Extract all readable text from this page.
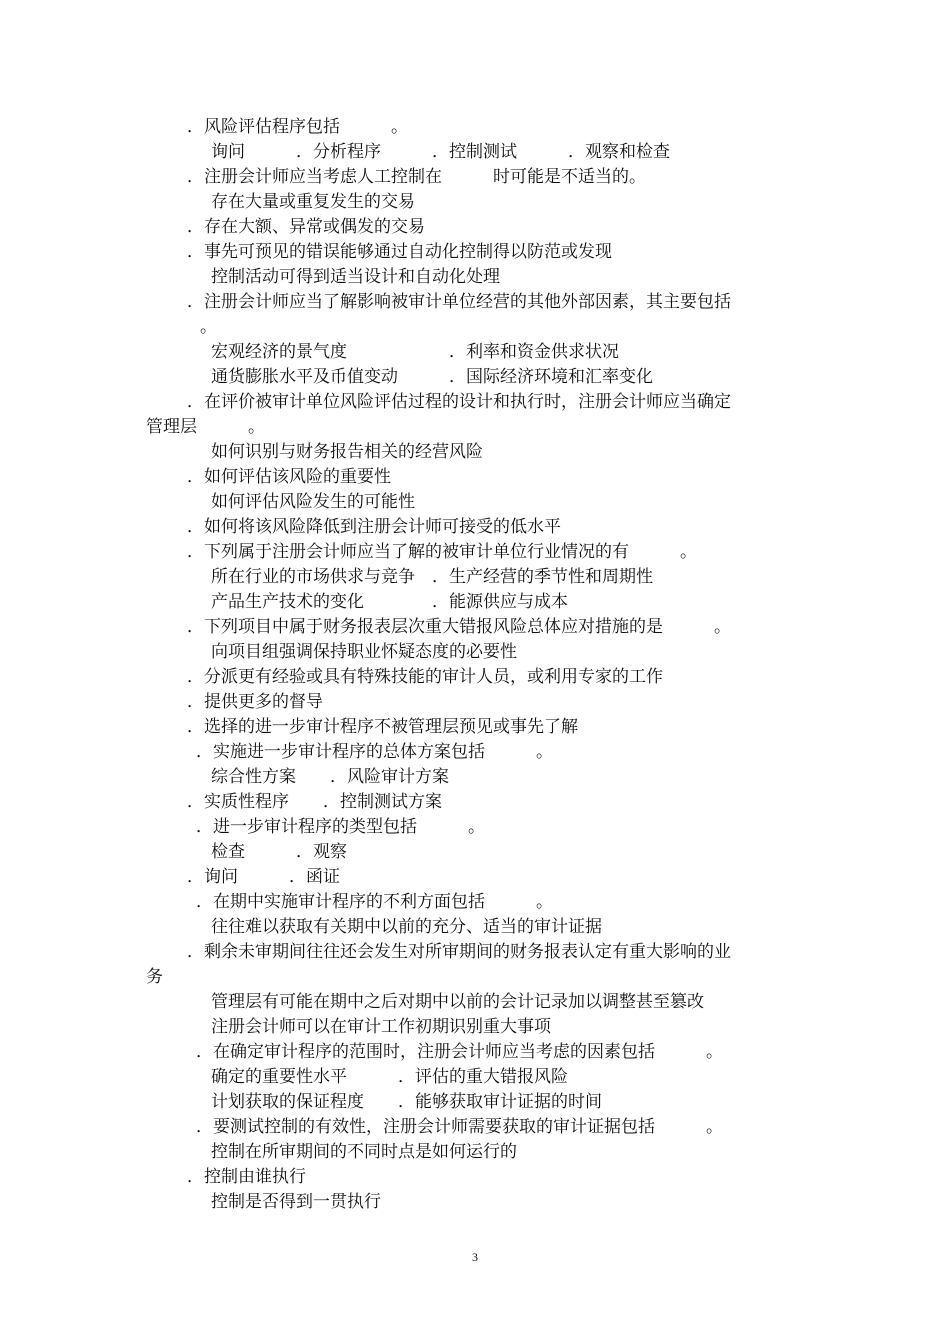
．风险评估程序包括　　　。
询问　　　．分析程序　　　．控制测试　　　．观察和检查
．注册会计师应当考虑人工控制在　　　时可能是不适当的。
存在大量或重复发生的交易
．存在大额、异常或偶发的交易
．事先可预见的错误能够通过自动化控制得以防范或发现
控制活动可得到适当设计和自动化处理
．注册会计师应当了解影响被审计单位经营的其他外部因素，其主要包括
。
宏观经济的景气度　　　　　　．利率和资金供求状况
通货膨胀水平及币值变动　　　．国际经济环境和汇率变化
．在评价被审计单位风险评估过程的设计和执行时，注册会计师应当确定
管理层　　　。
如何识别与财务报告相关的经营风险
．如何评估该风险的重要性
如何评估风险发生的可能性
．如何将该风险降低到注册会计师可接受的低水平
．下列属于注册会计师应当了解的被审计单位行业情况的有　　　。
所在行业的市场供求与竞争　．生产经营的季节性和周期性
产品生产技术的变化　　　　．能源供应与成本
．下列项目中属于财务报表层次重大错报风险总体应对措施的是　　　。
向项目组强调保持职业怀疑态度的必要性
．分派更有经验或具有特殊技能的审计人员，或利用专家的工作
．提供更多的督导
．选择的进一步审计程序不被管理层预见或事先了解
．实施进一步审计程序的总体方案包括　　　。
综合性方案　　．风险审计方案
．实质性程序　　．控制测试方案
．进一步审计程序的类型包括　　　。
检查　　　．观察
．询问　　　．函证
．在期中实施审计程序的不利方面包括　　　。
往往难以获取有关期中以前的充分、适当的审计证据
．剩余未审期间往往还会发生对所审期间的财务报表认定有重大影响的业
务
管理层有可能在期中之后对期中以前的会计记录加以调整甚至篡改
注册会计师可以在审计工作初期识别重大事项
．在确定审计程序的范围时，注册会计师应当考虑的因素包括　　　。
确定的重要性水平　　　．评估的重大错报风险
计划获取的保证程度　　．能够获取审计证据的时间
．要测试控制的有效性，注册会计师需要获取的审计证据包括　　　。
控制在所审期间的不同时点是如何运行的
．控制由谁执行
控制是否得到一贯执行
3
